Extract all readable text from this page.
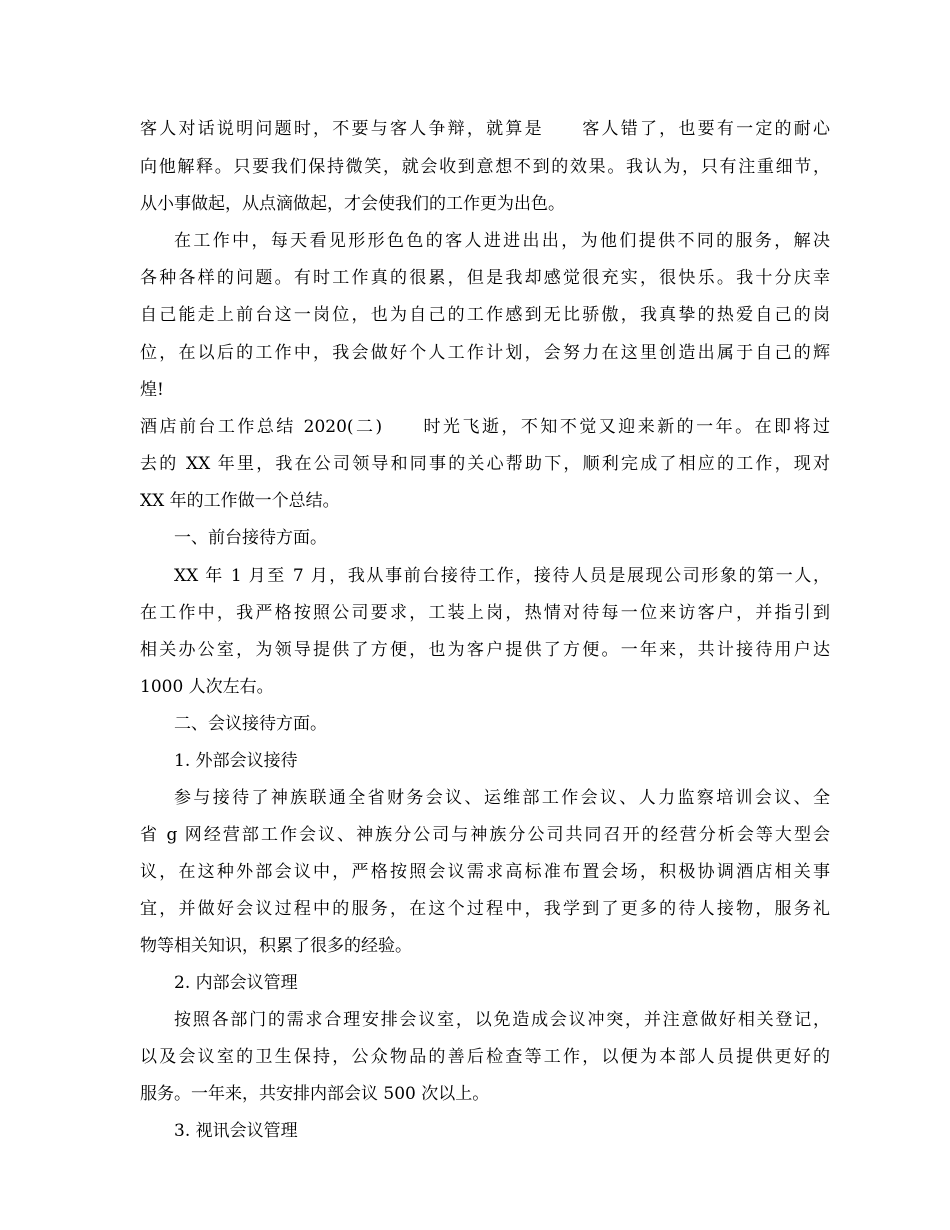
客人对话说明问题时，不要与客人争辩，就算是　　客人错了，也要有一定的耐心
向他解释。只要我们保持微笑，就会收到意想不到的效果。我认为，只有注重细节，
从小事做起，从点滴做起，才会使我们的工作更为出色。
在工作中，每天看见形形色色的客人进进出出，为他们提供不同的服务，解决
各种各样的问题。有时工作真的很累，但是我却感觉很充实，很快乐。我十分庆幸
自己能走上前台这一岗位，也为自己的工作感到无比骄傲，我真挚的热爱自己的岗
位，在以后的工作中，我会做好个人工作计划，会努力在这里创造出属于自己的辉
煌!
酒店前台工作总结 2020(二)　　时光飞逝，不知不觉又迎来新的一年。在即将过
去的 XX 年里，我在公司领导和同事的关心帮助下，顺利完成了相应的工作，现对
XX 年的工作做一个总结。
一、前台接待方面。
XX 年 1 月至 7 月，我从事前台接待工作，接待人员是展现公司形象的第一人，
在工作中，我严格按照公司要求，工装上岗，热情对待每一位来访客户，并指引到
相关办公室，为领导提供了方便，也为客户提供了方便。一年来，共计接待用户达
1000 人次左右。
二、会议接待方面。
1. 外部会议接待
参与接待了神族联通全省财务会议、运维部工作会议、人力监察培训会议、全
省 g 网经营部工作会议、神族分公司与神族分公司共同召开的经营分析会等大型会
议，在这种外部会议中，严格按照会议需求高标准布置会场，积极协调酒店相关事
宜，并做好会议过程中的服务，在这个过程中，我学到了更多的待人接物，服务礼
物等相关知识，积累了很多的经验。
2. 内部会议管理
按照各部门的需求合理安排会议室，以免造成会议冲突，并注意做好相关登记，
以及会议室的卫生保持，公众物品的善后检查等工作，以便为本部人员提供更好的
服务。一年来，共安排内部会议 500 次以上。
3. 视讯会议管理
